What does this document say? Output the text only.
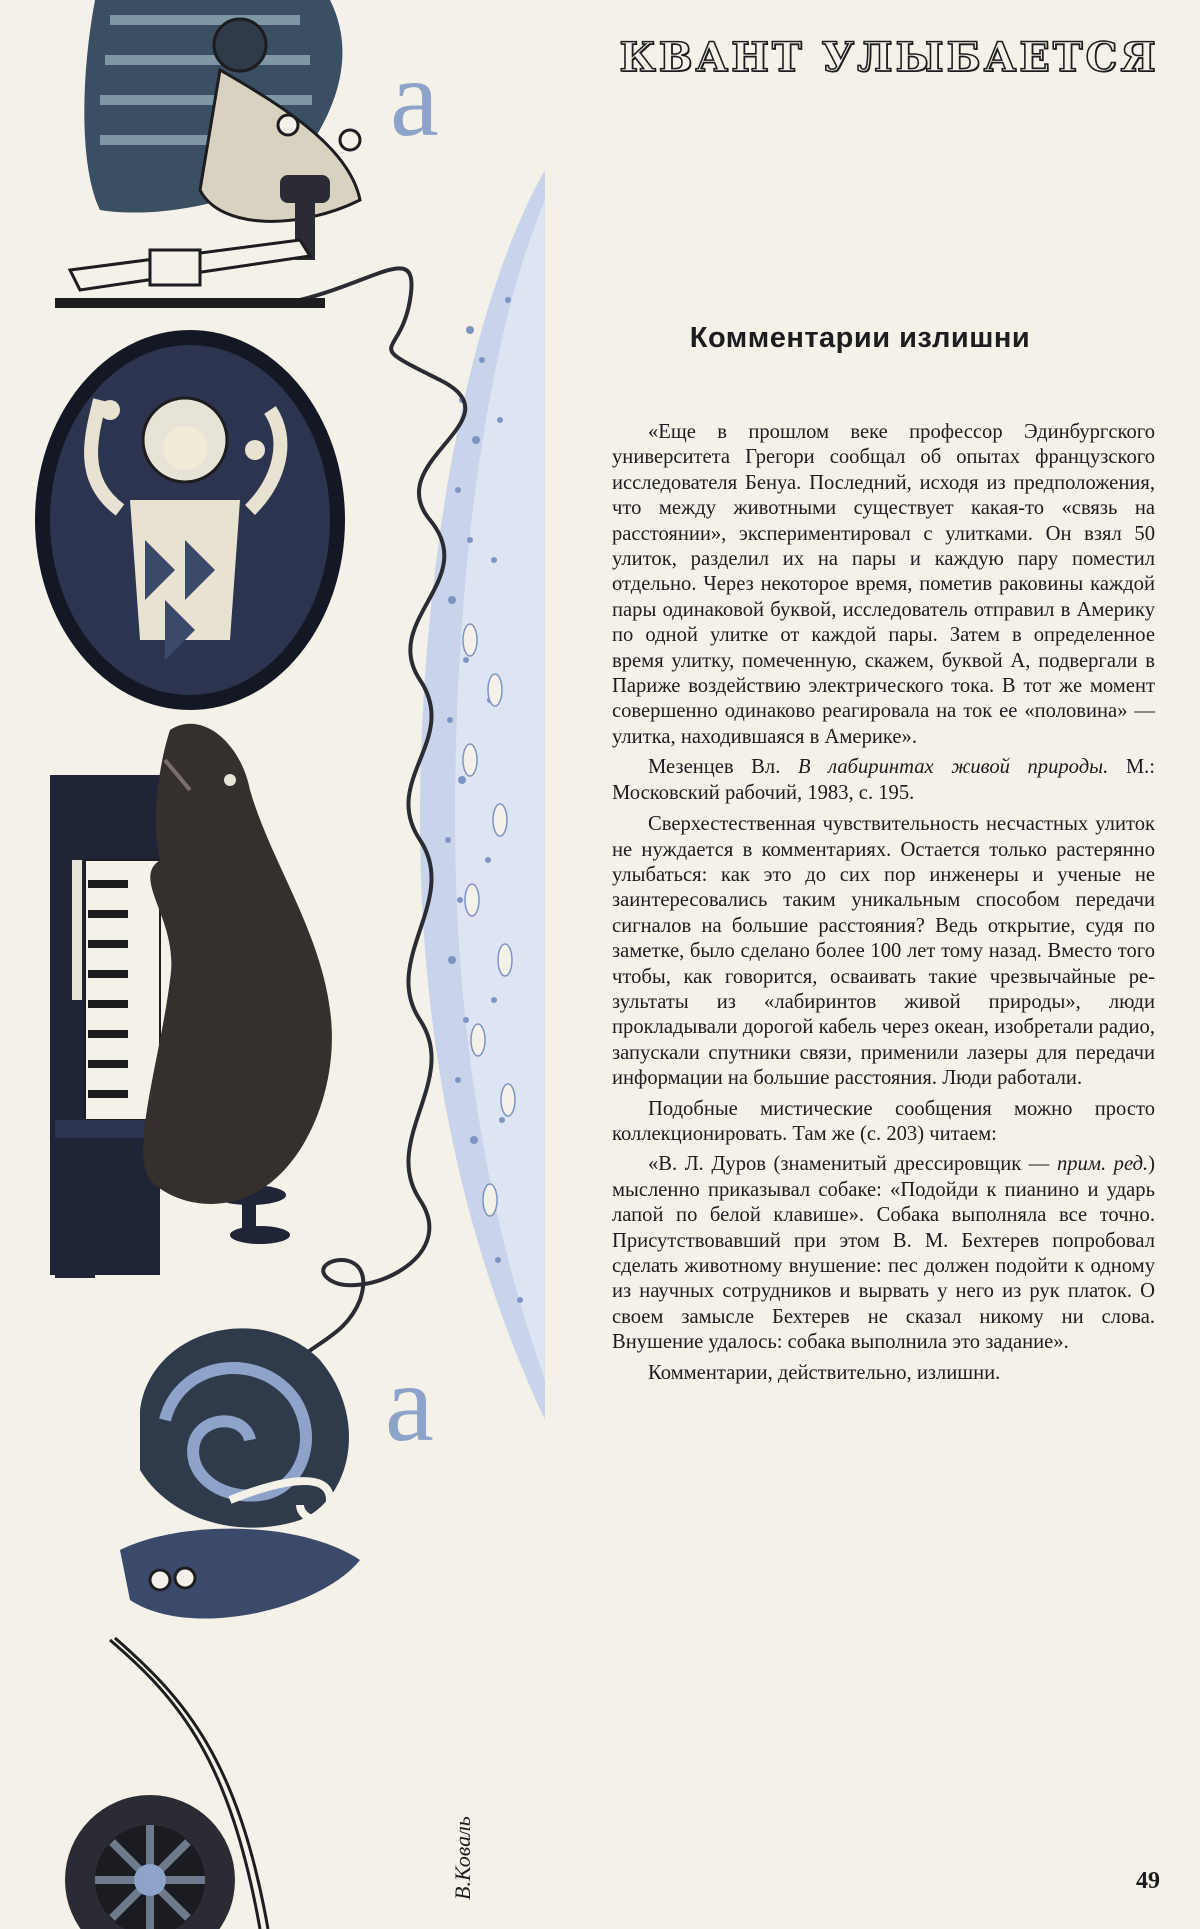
а
а
В.Коваль
КВАНТ УЛЫБАЕТСЯ
Комментарии излишни

«Еще в прошлом веке профессор Эдинбургского университета Грегори сообщал об опытах французского исследователя Бенуа. Последний, исходя из предположения, что между животными существует какая-то «связь на расстоянии», экспериментировал с улитками. Он взял 50 улиток, разделил их на пары и каждую пару поместил отдельно. Через некоторое время, пометив раковины каждой пары одинаковой буквой, исследователь отправил в Америку по одной улитке от каждой пары. Затем в определенное время улитку, помеченную, скажем, буквой А, подвергали в Париже воздействию электрического тока. В тот же момент совершенно одинаково реагировала на ток ее «половина» — улитка, находившаяся в Америке».

Мезенцев Вл. В лабиринтах живой природы. М.: Московский рабочий, 1983, с. 195.

Сверхестественная чувствительность несчастных улиток не нуждается в комментариях. Остается только растерянно улыбаться: как это до сих пор инженеры и ученые не заинтересовались таким уникальным способом передачи сигналов на большие расстояния? Ведь открытие, судя по заметке, было сделано более 100 лет тому назад. Вместо того чтобы, как говорится, осваивать такие чрезвычайные результаты из «лабиринтов живой природы», люди прокладывали дорогой кабель через океан, изобретали радио, запускали спутники связи, применили лазеры для передачи информации на большие расстояния. Люди работали.

Подобные мистические сообщения можно просто коллекционировать. Там же (с. 203) читаем:

«В. Л. Дуров (знаменитый дрессировщик — прим. ред.) мысленно приказывал собаке: «Подойди к пианино и ударь лапой по белой клавише». Собака выполняла все точно. Присутствовавший при этом В. М. Бехтерев попробовал сделать животному внушение: пес должен подойти к одному из научных сотрудников и вырвать у него из рук платок. О своем замысле Бехтерев не сказал никому ни слова. Внушение удалось: собака выполнила это задание».

Комментарии, действительно, излишни.

49
